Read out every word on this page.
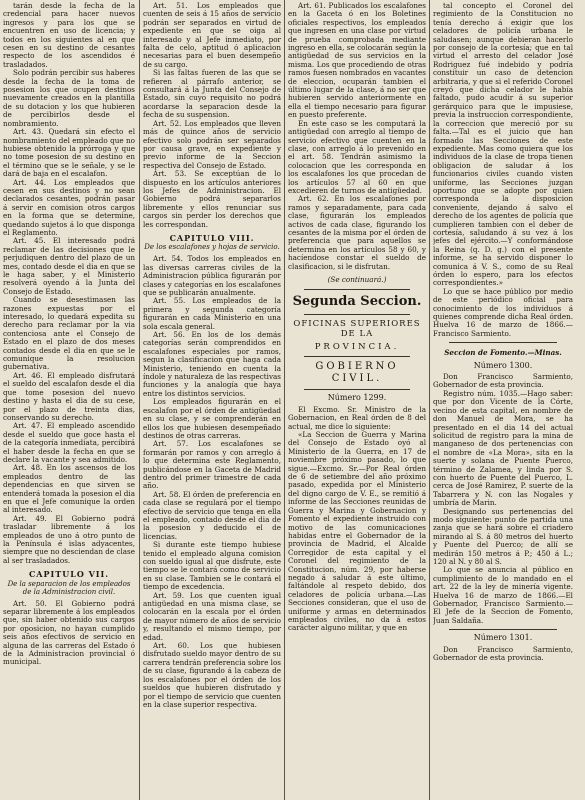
tarán desde la fecha de la credencial para hacer nuevos ingresos y para los que se encuentren en uso de licencia; y todos en los siguientes al en que cesen en su destino de cesantes respecto de los ascendidos é trasladados.

Solo podrán percibir sus haberes desde la fecha de la toma de posesion los que ocupen destinos nuevamente creados en la plantilla de su dotacion y los que hubieren de percibirlos desde el nombramiento.

Art. 43. Quedará sin efecto el nombramiento del empleado que no hubiese obtenido la prórroga y que no tome posesion de su destino en el término que se le señale, y se le dará de baja en el escalafon.

Art. 44. Los empleados que cesen en sus destinos y no sean declarados cesantes, podrán pasar á servir en comision otros cargos en la forma que se determine, quedando sujetos á lo que disponga el Reglamento.

Art. 45. El interesado podrá reclamar de las decisiones que le perjudiquen dentro del plazo de un mes, contado desde el dia en que se le haga saber, y el Ministerio resolverá oyendo á la Junta del Consejo de Estado.

Cuando se desestimasen las razones expuestas por el interesado, lo quedará expedita su derecho para reclamar por la via contenciosa ante el Consejo de Estado en el plazo de dos meses contados desde el dia en que se le comunique la resolucion gubernativa.

Art. 46. El empleado disfrutará el sueldo del escalafon desde el dia que tome posesion del nuevo destino y hasta el dia de su cese, por el plazo de treinta dias, conservando su derecho.

Art. 47. El empleado ascendido desde el sueldo que goce hasta el de la categoría inmediata, percibirá el haber desde la fecha en que se declare la vacante y sea admitido.

Art. 48. En los ascensos de los empleados dentro de las dependencias en que sirven se entenderá tomada la posesion el dia en que el Jefe comunique la orden al interesado.

Art. 49. El Gobierno podrá trasladar libremente á los empleados de uno á otro punto de la Península é islas adyacentes, siempre que no desciendan de clase al ser trasladados.

CAPITULO VII.

De la separacion de los empleados de la Administracion civil.

Art. 50. El Gobierno podrá separar libremente á los empleados que, sin haber obtenido sus cargos por oposicion, no hayan cumplido seis años efectivos de servicio en alguna de las carreras del Estado ó de la Administracion provincial ó municipal.

Art. 51. Los empleados que cuenten de seis á 15 años de servicio podrán ser separados en virtud de expediente en que se oiga al interesado y al Jefe inmediato, por falta de celo, aptitud ó aplicacion necesarias para el buen desempeño de su cargo.

Si las faltas fueren de las que se refieren al párrafo anterior, se consultará á la Junta del Consejo de Estado, sin cuyo requisito no podrá acordarse la separacion desde la fecha de su suspension.

Art. 52. Los empleados que lleven más de quince años de servicio efectivo solo podrán ser separados por causa grave, en expediente y previo informe de la Seccion respectiva del Consejo de Estado.

Art. 53. Se exceptúan de lo dispuesto en los artículos anteriores los Jefes de Administracion. El Gobierno podrá separarlos libremente y ellos renunciar sus cargos sin perder los derechos que les correspondan.

CAPITULO VIII.

De los escalafones y hojas de servicio.

Art. 54. Todos los empleados en las diversas carreras civiles de la Administracion pública figurarán por clases y categorías en los escalafones que se publicarán anualmente.

Art. 55. Los empleados de la primera y segunda categoría figurarán en cada Ministerio en una sola escala general.

Art. 56. En los de los demás categorías serán comprendidos en escalafones especiales por ramos, segun la clasificacion que haga cada Ministerio, teniendo en cuenta la índole y naturaleza de las respectivas funciones y la analogía que haya entre los distintos servicios.

Los empleados figurarán en el escalafon por el órden de antigüedad en su clase, y se comprenderán en ellos los que hubiesen desempeñado destinos de otras carreras.

Art. 57. Los escalafones se formarán por ramos y con arreglo á lo que determina este Reglamento, publicándose en la Gaceta de Madrid dentro del primer trimestre de cada año.

Art. 58. El órden de preferencia en cada clase se regulará por el tiempo efectivo de servicio que tenga en ella el empleado, contado desde el dia de la posesion y deducido el de licencias.

Si durante este tiempo hubiese tenido el empleado alguna comision con sueldo igual al que disfrute, este tiempo se le contará como de servicio en su clase. Tambien se le contará el tiempo de excedencia.

Art. 59. Los que cuenten igual antigüedad en una misma clase, se colocarán en la escala por el órden de mayor número de años de servicio y, resultando el mismo tiempo, por edad.

Art. 60. Los que hubiesen disfrutado sueldo mayor dentro de su carrera tendrán preferencia sobre los de su clase, figurando á la cabeza de los escalafones por el órden de los sueldos que hubieren disfrutado y por el tiempo de servicio que cuenten en la clase superior respectiva.

Art. 61. Publicados los escalafones en la Gaceta ó en los Boletines oficiales respectivos, los empleados que ingresen en una clase por virtud de prueba comprobada mediante ingreso en ella, se colocarán según la antigüedad de sus servicios en la misma. Los que procediendo de otras ramos fuesen nombrados en vacantes de eleccion, ocuparán tambien el último lugar de la clase, á no ser que hubieren servido anteriormente en ella el tiempo necesario para figurar en puesto preferente.

En este caso se les computará la antigüedad con arreglo al tiempo de servicio efectivo que cuenten en la clase, con arreglo á lo prevenido en el art. 58. Tendrán asimismo la colocacion que les corresponda en los escalafones los que procedan de los artículos 57 al 60 en que excedieren de turnos de antigüedad.

Art. 62. En los escalafones por ramos y separadamente, para cada clase, figurarán los empleados activos de cada clase, figurando los cesantes de la misma por el órden de preferencia que para aquellos se determina en los artículos 58 y 60, y hacíendose constar el sueldo de clasificacion, si le disfrutan.

(Se continuará.)

Segunda Seccion.

OFICINAS SUPERIORES DE LA

PROVINCIA.

GOBIERNO CIVIL.

Número 1299.

El Excmo. Sr. Ministro de la Gobernacion, en Real órden de 8 del actual, me dice lo siguiente:

«La Seccion de Guerra y Marina del Consejo de Estado oyó al Ministerio de la Guerra, en 17 de noviembre próximo pasado, lo que sigue.—Excmo. Sr.—Por Real órden de 6 de setiembre del año próximo pasado, expedida por el Ministerio del digno cargo de V. E., se remitió á informe de las Secciones reunidas de Guerra y Marina y Gobernacion y Fomento el expediente instruido con motivo de las comunicaciones habidas entre el Gobernador de la provincia de Madrid, el Alcalde Corregidor de esta capital y el Coronel del regimiento de la Constitucion, núm. 29, por haberse negado á saludar á este último, faltándole al respeto debido, dos celadores de policía urbana.—Las Secciones consideran, que el uso de uniforme y armas en determinados empleados civiles, no da á estos carácter alguno militar, y que en

tal concepto el Coronel del regimiento de la Constitucion no tenía derecho á exigir que los celadores de policía urbana le saludasen; aunque debieran hacerlo por consejo de la cortesía; que en tal virtud el arresto del celador José Rodriguez fué indebido y podría constituir un caso de detencion arbitraria, y que si el referido Coronel creyó que dicha celador le había faltado, pudo acudir á su superior gerárquico para que le impusiese, previa la instruccion correspondiente, la correccion que mereció por su falta.—Tal es el juicio que han formado las Secciones de este expediente. Mas como quiera que los individuos de la clase de tropa tienen obligacion de saludar á los funcionarios civiles cuando visten uniforme, las Secciones juzgan oportuno que se adopte por quien corresponda la disposicion conveniente, dejando á salvo el derecho de los agentes de policía que cumplieren tambien con el deber de cortesía, saludando á su vez á los jefes del ejército.—Y conformándose la Reina (q. D. g.) con el presente informe, se ha servido disponer lo comunica á V. S., como de su Real órden lo espero, para los efectos correspondientes.»

Lo que se hace público por medio de este periódico oficial para conocimiento de los individuos á quienes comprende dicha Real órden. Huelva 16 de marzo de 1866.—Francisco Sarmiento.

Seccion de Fomento.—Minas.

Número 1300.

Don Francisco Sarmiento, Gobernador de esta provincia.

Registro núm. 1035.—Hago saber: que por don Vicente de la Córte, vecino de esta capital, en nombre de don Manuel de Mora, se ha presentado en el dia 14 del actual solicitud de registro para la mina de manganeso de dos pertenencias con el nombre de «La Mora», sita en la suerte y solana de Puente Puerco, término de Zalamea, y linda por S. con huerto de Puente del Puerco, L. cerca de José Ramirez, P. suerte de la Tabarrera y N. con las Nogales y umbría de Marin.

Designando sus pertenencias del modo siguiente: punto de partida una zanja que se hará sobre el criadero mirando al S. á 80 metros del huerto y Puente del Puerco; de allí se medirán 150 metros á P.; 450 á L.; 120 al N. y 80 al S.

Lo que se anuncia al público en cumplimiento de lo mandado en el art. 22 de la ley de minería vigente. Huelva 16 de marzo de 1866.—El Gobernador, Francisco Sarmiento.—El Jefe de la Seccion de Fomento, Juan Saldaña.

Número 1301.

Don Francisco Sarmiento, Gobernador de esta provincia.
